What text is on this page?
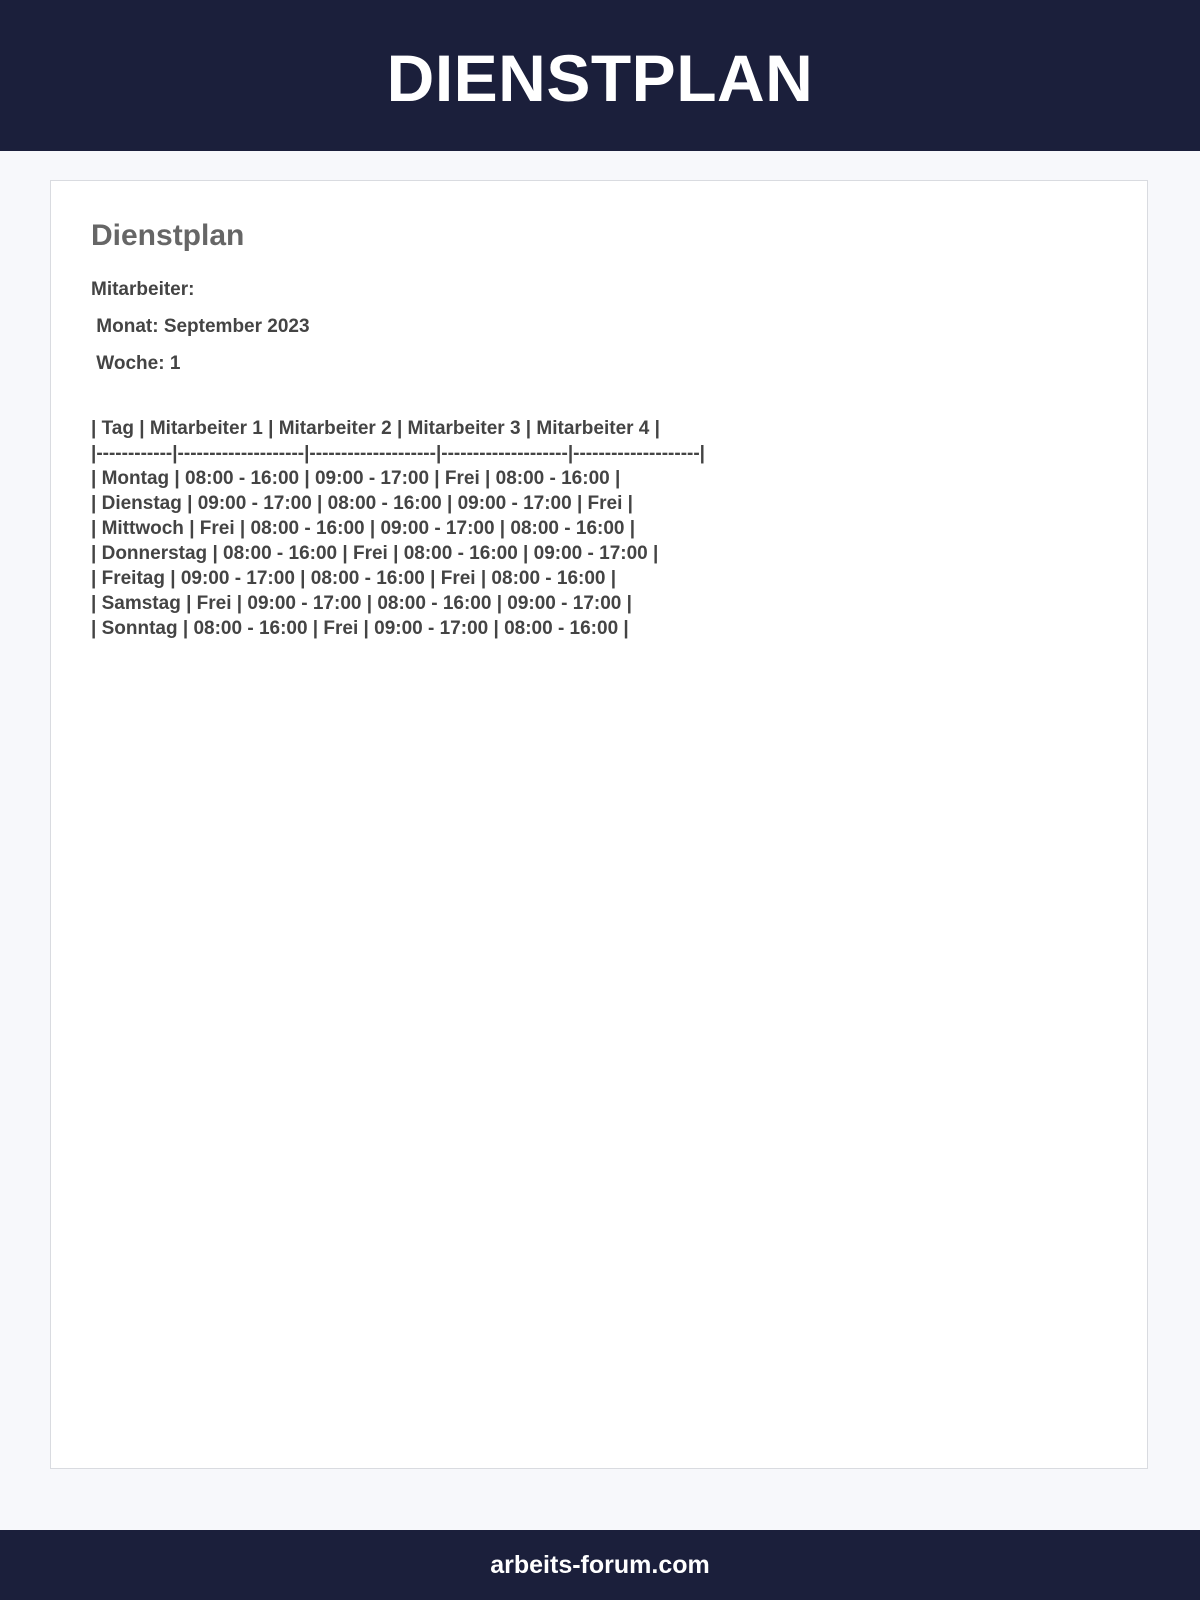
DIENSTPLAN
Dienstplan

Mitarbeiter:

Monat: September 2023

Woche: 1

| Tag | Mitarbeiter 1 | Mitarbeiter 2 | Mitarbeiter 3 | Mitarbeiter 4 |
|------------|--------------------|--------------------|--------------------|--------------------|
| Montag | 08:00 - 16:00 | 09:00 - 17:00 | Frei | 08:00 - 16:00 |
| Dienstag | 09:00 - 17:00 | 08:00 - 16:00 | 09:00 - 17:00 | Frei |
| Mittwoch | Frei | 08:00 - 16:00 | 09:00 - 17:00 | 08:00 - 16:00 |
| Donnerstag | 08:00 - 16:00 | Frei | 08:00 - 16:00 | 09:00 - 17:00 |
| Freitag | 09:00 - 17:00 | 08:00 - 16:00 | Frei | 08:00 - 16:00 |
| Samstag | Frei | 09:00 - 17:00 | 08:00 - 16:00 | 09:00 - 17:00 |
| Sonntag | 08:00 - 16:00 | Frei | 09:00 - 17:00 | 08:00 - 16:00 |
arbeits-forum.com
